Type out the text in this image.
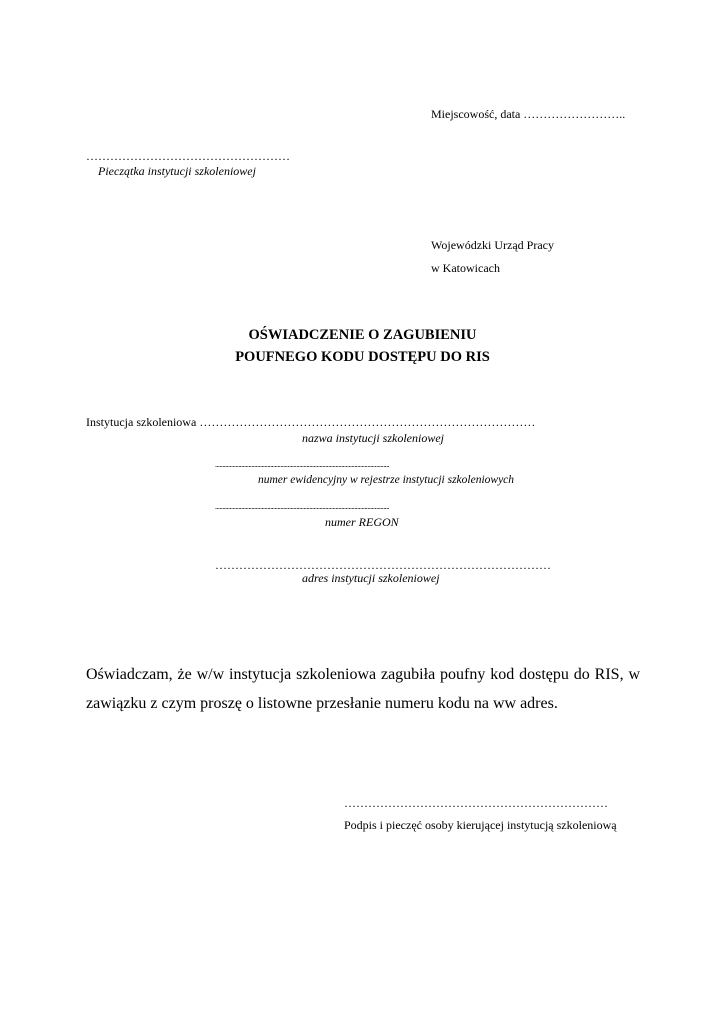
Miejscowość, data ……………………..
……………………………………………
Pieczątka instytucji szkoleniowej
Wojewódzki Urząd Pracy
w Katowicach
OŚWIADCZENIE O ZAGUBIENIU
POUFNEGO KODU DOSTĘPU DO RIS
Instytucja szkoleniowa …………………………………………………………………………
nazwa instytucji szkoleniowej
........................................................................................................................
numer ewidencyjny w rejestrze instytucji szkoleniowych
........................................................................................................................
numer REGON
…………………………………………………………………………
adres instytucji szkoleniowej
Oświadczam, że w/w instytucja szkoleniowa zagubiła poufny kod dostępu do RIS, w zawiązku z czym proszę o listowne przesłanie numeru kodu na ww adres.
…………………………………………………………
Podpis i pieczęć osoby kierującej instytucją szkoleniową
